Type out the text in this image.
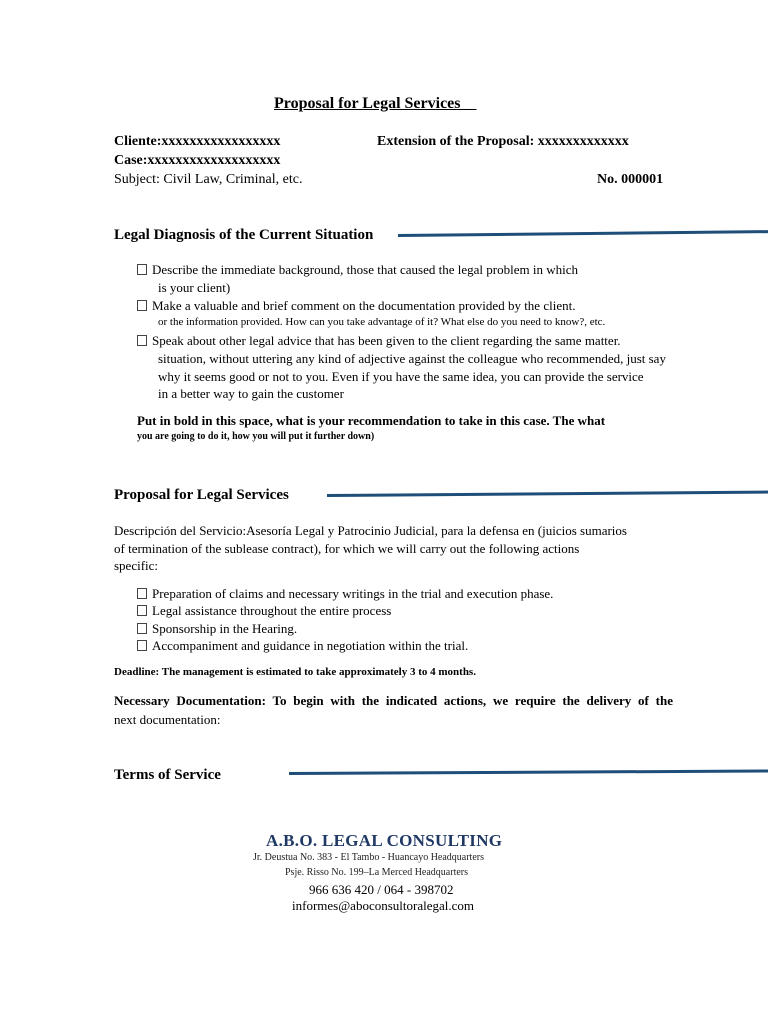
Proposal for Legal Services
Cliente:xxxxxxxxxxxxxxxxx	Extension of the Proposal: xxxxxxxxxxxxx
Case:xxxxxxxxxxxxxxxxxxx
Subject: Civil Law, Criminal, etc.	No. 000001
Legal Diagnosis of the Current Situation
Describe the immediate background, those that caused the legal problem in which
is your client)
Make a valuable and brief comment on the documentation provided by the client.
or the information provided. How can you take advantage of it? What else do you need to know?, etc.
Speak about other legal advice that has been given to the client regarding the same matter.
situation, without uttering any kind of adjective against the colleague who recommended, just say
why it seems good or not to you. Even if you have the same idea, you can provide the service
in a better way to gain the customer
Put in bold in this space, what is your recommendation to take in this case. The what
you are going to do it, how you will put it further down)
Proposal for Legal Services
Descripción del Servicio:Asesoría Legal y Patrocinio Judicial, para la defensa en (juicios sumarios
of termination of the sublease contract), for which we will carry out the following actions
specific:
Preparation of claims and necessary writings in the trial and execution phase.
Legal assistance throughout the entire process
Sponsorship in the Hearing.
Accompaniment and guidance in negotiation within the trial.
Deadline: The management is estimated to take approximately 3 to 4 months.
Necessary Documentation: To begin with the indicated actions, we require the delivery of the
next documentation:
Terms of Service
A.B.O. LEGAL CONSULTING
Jr. Deustua No. 383 - El Tambo - Huancayo Headquarters
Psje. Risso No. 199–La Merced Headquarters
966 636 420 / 064 - 398702
informes@aboconsultoralegal.com
